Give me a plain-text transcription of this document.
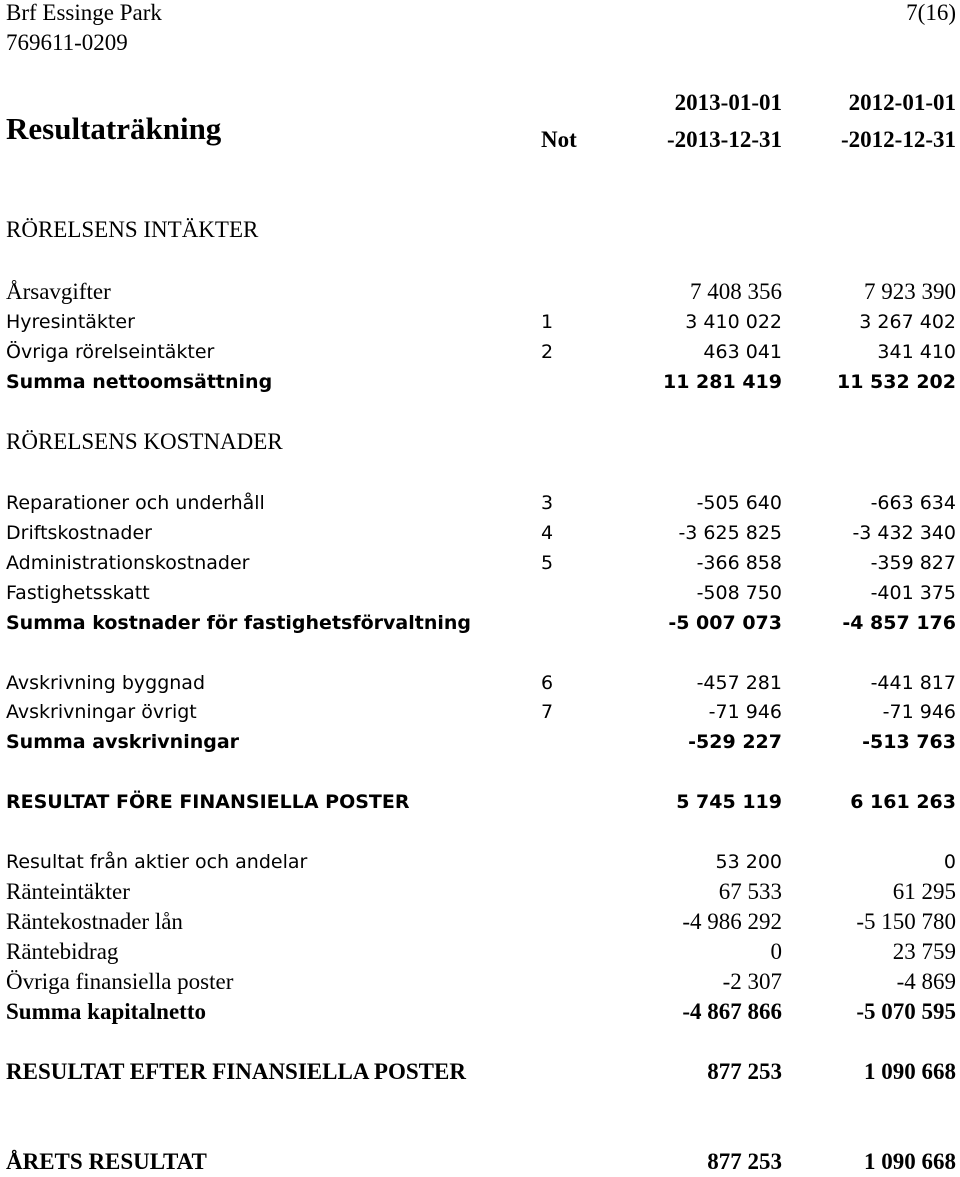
Brf Essinge Park
769611-0209
7(16)
Resultaträkning
2013-01-01	2012-01-01
Not	-2013-12-31	-2012-12-31
RÖRELSENS INTÄKTER
Årsavgifter	7 408 356	7 923 390
Hyresintäkter	1	3 410 022	3 267 402
Övriga rörelseintäkter	2	463 041	341 410
Summa nettoomsättning	11 281 419	11 532 202
RÖRELSENS KOSTNADER
Reparationer och underhåll	3	-505 640	-663 634
Driftskostnader	4	-3 625 825	-3 432 340
Administrationskostnader	5	-366 858	-359 827
Fastighetsskatt	-508 750	-401 375
Summa kostnader för fastighetsförvaltning	-5 007 073	-4 857 176
Avskrivning byggnad	6	-457 281	-441 817
Avskrivningar övrigt	7	-71 946	-71 946
Summa avskrivningar	-529 227	-513 763
RESULTAT FÖRE FINANSIELLA POSTER	5 745 119	6 161 263
Resultat från aktier och andelar	53 200	0
Ränteintäkter	67 533	61 295
Räntekostnader lån	-4 986 292	-5 150 780
Räntebidrag	0	23 759
Övriga finansiella poster	-2 307	-4 869
Summa kapitalnetto	-4 867 866	-5 070 595
RESULTAT EFTER FINANSIELLA POSTER	877 253	1 090 668
ÅRETS RESULTAT	877 253	1 090 668
